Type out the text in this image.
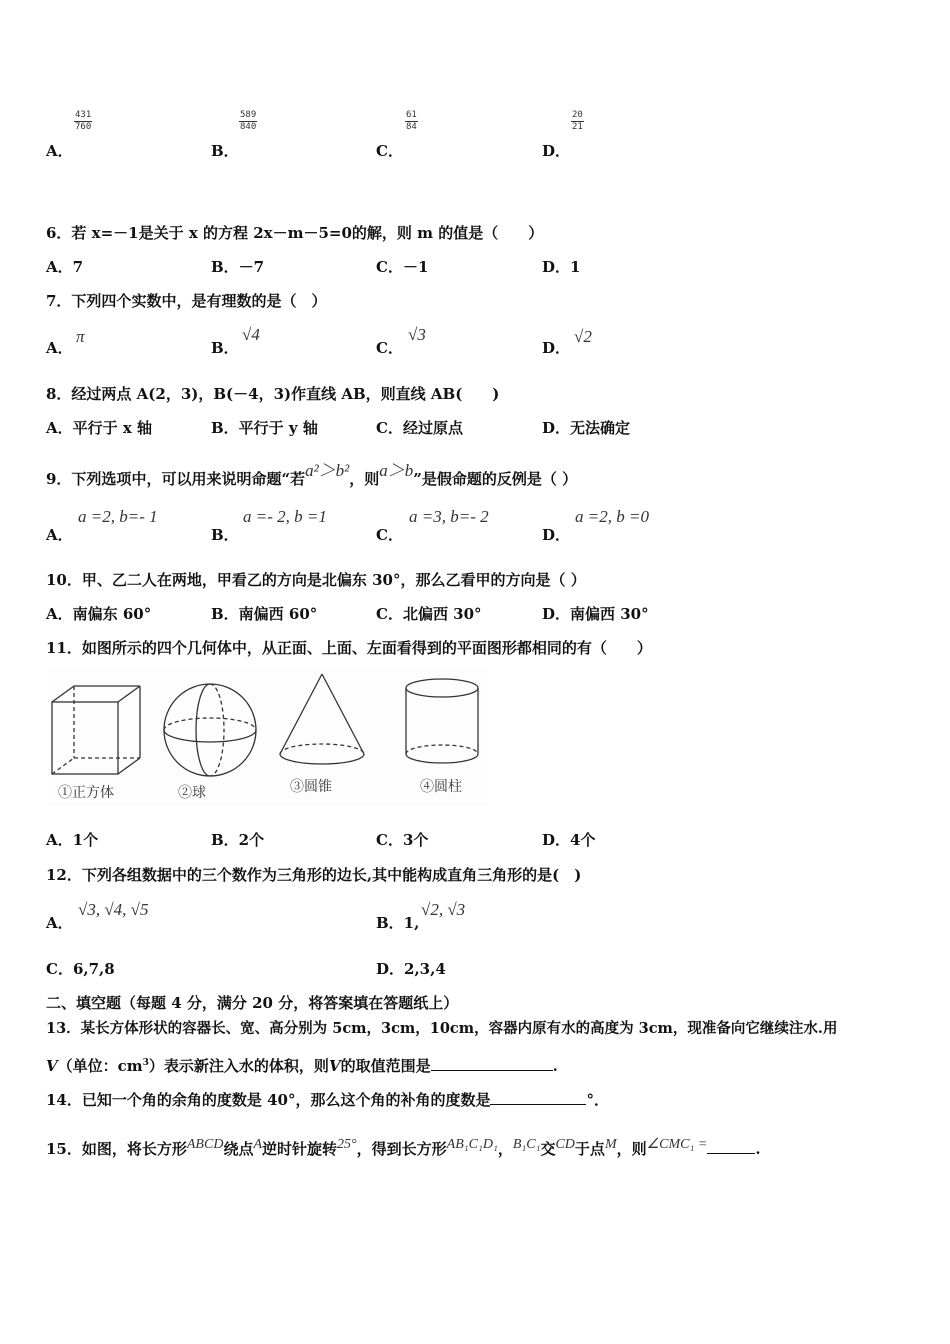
A．
$\frac{431}{760}$
B．
$\frac{589}{840}$
C．
$\frac{61}{84}$
D．
$\frac{20}{21}$
6．若 x=－1是关于 x 的方程 2x－m－5=0的解，则 m 的值是（　　）
A．7	B．－7	C．－1	D．1
7．下列四个实数中，是有理数的是（　）
A．
π
B．
√4
C．
√3
D．
√2
8．经过两点 A(2，3)，B(－4，3)作直线 AB，则直线 AB(　　)
A．平行于 x 轴	B．平行于 y 轴	C．经过原点	D．无法确定
9．下列选项中，可以用来说明命题“若a²＞b²，则a＞b”是假命题的反例是（ ）
A．
a =2, b=- 1
B．
a =- 2, b =1
C．
a =3, b=- 2
D．
a =2, b =0
10．甲、乙二人在两地，甲看乙的方向是北偏东 30°，那么乙看甲的方向是（ ）
A．南偏东 60°	B．南偏西 60°	C．北偏西 30°	D．南偏西 30°
11．如图所示的四个几何体中，从正面、上面、左面看得到的平面图形都相同的有（　　）
①正方体	②球	③圆锥	④圆柱
A．1个	B．2个	C．3个	D．4个
12．下列各组数据中的三个数作为三角形的边长,其中能构成直角三角形的是(　)
A．
√3, √4, √5
B．1,
√2, √3
C．6,7,8	D．2,3,4
二、填空题（每题 4 分，满分 20 分，将答案填在答题纸上）
13．某长方体形状的容器长、宽、高分别为 5cm，3cm，10cm，容器内原有水的高度为 3cm，现准备向它继续注水.用
V（单位：$cm^3$）表示新注入水的体积，则V的取值范围是	.
14．已知一个角的余角的度数是 40°，那么这个角的补角的度数是	°．
15．如图，将长方形ABCD绕点A逆时针旋转25°，得到长方形AB₁C₁D₁，B₁C₁交CD于点M，则∠CMC₁ =	.
